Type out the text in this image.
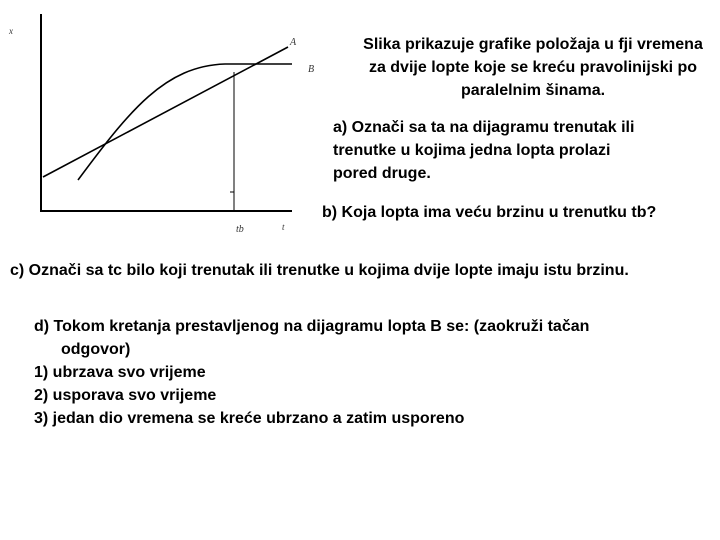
x
A
B
tb	t
Slika prikazuje grafike položaja u fji vremena
za dvije lopte koje se kreću pravolinijski po
paralelnim šinama.
a) Označi sa ta na dijagramu trenutak ili
trenutke u kojima jedna lopta prolazi
pored druge.
b) Koja lopta ima veću brzinu u trenutku tb?
c) Označi sa tc bilo koji trenutak ili trenutke u kojima dvije lopte imaju istu brzinu.
d) Tokom kretanja prestavljenog na dijagramu lopta B se: (zaokruži tačan
odgovor)
1) ubrzava svo vrijeme
2) usporava svo vrijeme
3) jedan dio vremena se kreće ubrzano a zatim usporeno
